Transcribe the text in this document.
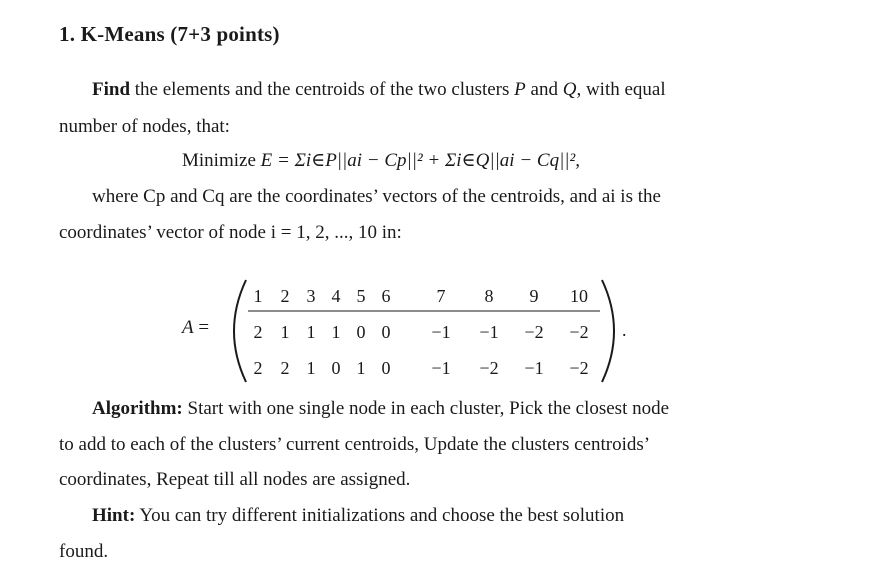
1. K-Means (7+3 points)
Find the elements and the centroids of the two clusters P and Q, with equal
number of nodes, that:
Minimize E = Σi∈P||ai − Cp||² + Σi∈Q||ai − Cq||²,
where Cp and Cq are the coordinates’ vectors of the centroids, and ai is the
coordinates’ vector of node i = 1, 2, ..., 10 in:
A =
1 2 3 4 5 6	7 8 9 10
2 1 1 1 0 0 −1 −1 −2 −2
2 2 1 0 1 0 −1 −2 −1 −2
.
Algorithm: Start with one single node in each cluster, Pick the closest node
to add to each of the clusters’ current centroids, Update the clusters centroids’
coordinates, Repeat till all nodes are assigned.
Hint: You can try different initializations and choose the best solution
found.
